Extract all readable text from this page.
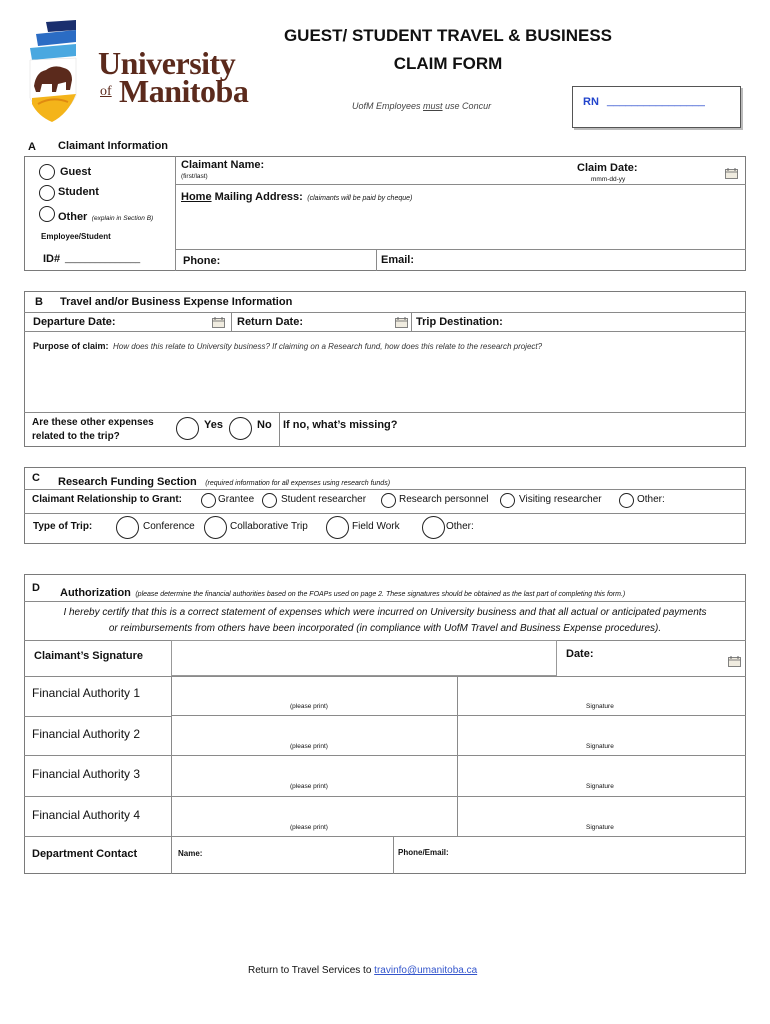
University
of Manitoba
GUEST/ STUDENT TRAVEL & BUSINESS
CLAIM FORM
UofM Employees must use Concur	RN ________________
A Claimant Information
Guest
Student
Other (explain in Section B)
Employee/Student
ID# _______________
Claimant Name:
(first/last)
Claim Date:
mmm-dd-yy
Home Mailing Address: (claimants will be paid by cheque)
Phone:	Email:
B Travel and/or Business Expense Information
Departure Date:	Return Date:	Trip Destination:
Purpose of claim: How does this relate to University business? If claiming on a Research fund, how does this relate to the research project?
Are these other expenses
related to the trip?
Yes	No If no, what’s missing?
C Research Funding Section (required information for all expenses using research funds)
Claimant Relationship to Grant:	Grantee	Student researcher	Research personnel	Visiting researcher	Other:
Type of Trip:	Conference	Collaborative Trip	Field Work	Other:
D Authorization (please determine the financial authorities based on the FOAPs used on page 2. These signatures should be obtained as the last part of completing this form.)
I hereby certify that this is a correct statement of expenses which were incurred on University business and that all actual or anticipated payments
or reimbursements from others have been incorporated (in compliance with UofM Travel and Business Expense procedures).
Claimant’s Signature	Date:
Financial Authority 1
(please print)	Signature
Financial Authority 2
(please print)	Signature
Financial Authority 3
(please print)	Signature
Financial Authority 4
(please print)	Signature
Department Contact	Name:	Phone/Email:
Return to Travel Services to travinfo@umanitoba.ca
